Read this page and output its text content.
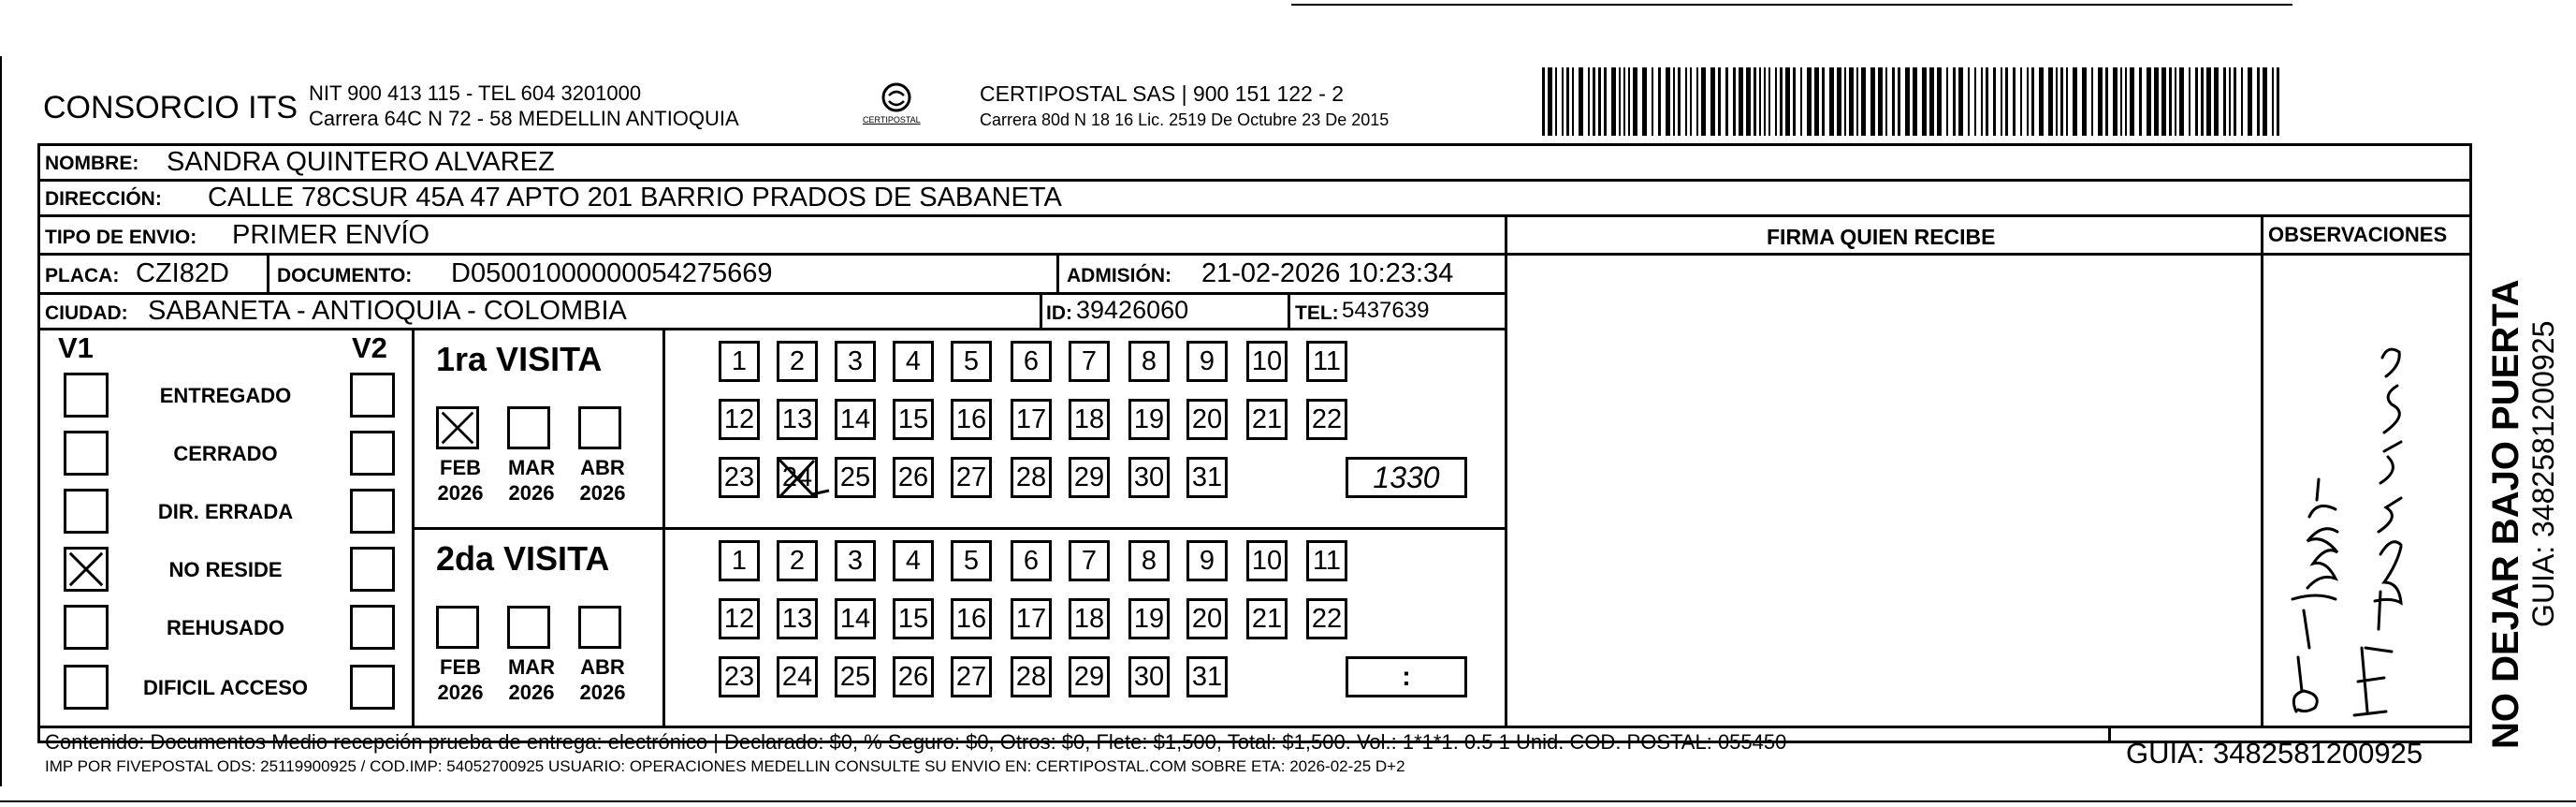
CONSORCIO ITS NIT 900 413 115 - TEL 604 3201000
Carrera 64C N 72 - 58 MEDELLIN ANTIOQUIA	CERTIPOSTAL
CERTIPOSTAL SAS | 900 151 122 - 2
Carrera 80d N 18 16 Lic. 2519 De Octubre 23 De 2015
NOMBRE: SANDRA QUINTERO ALVAREZ
DIRECCIÓN: CALLE 78CSUR 45A 47 APTO 201 BARRIO PRADOS DE SABANETA
TIPO DE ENVIO: PRIMER ENVÍO	FIRMA QUIEN RECIBE	OBSERVACIONES
PLACA: CZI82D DOCUMENTO: D05001000000054275669	ADMISIÓN: 21-02-2026 10:23:34
CIUDAD: SABANETA - ANTIOQUIA - COLOMBIA	ID: 39426060	TEL: 5437639
V1	V2
ENTREGADO
CERRADO
DIR. ERRADA
NO RESIDE
REHUSADO
DIFICIL ACCESO
1ra VISITA
FEB
2026
MAR
2026
ABR
2026
1	2	3	4	5	6	7	8	9	10 11
12 13 14 15 16 17 18 19 20 21 22
23 24 25 26 27 28 29 30 31	1330
2da VISITA
FEB
2026
MAR
2026
ABR
2026
1	2	3	4	5	6	7	8	9	10 11
12 13 14 15 16 17 18 19 20 21 22
23 24 25 26 27 28 29 30 31	:
Contenido: Documentos Medio recepción prueba de entrega: electrónico | Declarado: $0, % Seguro: $0, Otros: $0, Flete: $1,500, Total: $1,500. Vol.: 1*1*1. 0.5 1 Unid. COD. POSTAL: 055450
IMP POR FIVEPOSTAL ODS: 25119900925 / COD.IMP: 54052700925 USUARIO: OPERACIONES MEDELLIN CONSULTE SU ENVIO EN: CERTIPOSTAL.COM SOBRE ETA: 2026-02-25 D+2	GUIA: 3482581200925
NO DEJAR BAJO PUERTA GUIA: 3482581200925
